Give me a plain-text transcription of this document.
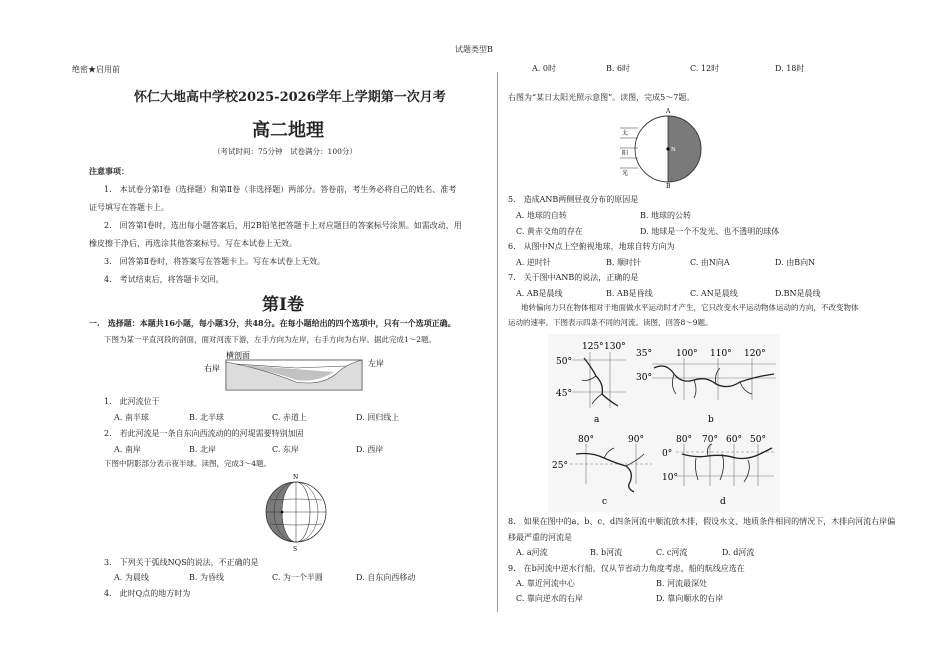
试题类型B
绝密★启用前
怀仁大地高中学校2025-2026学年上学期第一次月考
高二地理
（考试时间：75分钟　试卷满分：100分）
注意事项：
1.　本试卷分第Ⅰ卷（选择题）和第Ⅱ卷（非选择题）两部分。答卷前，考生务必将自己的姓名、准考
证号填写在答题卡上。
2.　回答第Ⅰ卷时，选出每小题答案后，用2B铅笔把答题卡上对应题目的答案标号涂黑。如需改动，用
橡皮擦干净后，再选涂其他答案标号。写在本试卷上无效。
3.　回答第Ⅱ卷时，将答案写在答题卡上。写在本试卷上无效。
4.　考试结束后，将答题卡交回。
第Ⅰ卷
一.　选择题：本题共16小题，每小题3分，共48分。在每小题给出的四个选项中，只有一个选项正确。
下图为某一平直河段的剖面，面对河流下游，左手方向为左岸，右手方向为右岸。据此完成1～2题。
横剖面
右岸
左岸
1.　此河流位于
A. 南半球	B. 北半球	C. 赤道上	D. 回归线上
2.　若此河流是一条自东向西流动的的河堤需要特别加固
A. 南岸	B. 北岸	C. 东岸	D. 西岸
下图中阴影部分表示夜半球。读图，完成3～4题。
N
S
3.　下列关于弧线NQS的说法，不正确的是
A. 为晨线	B. 为昏线	C. 为一个半圆	D. 自东向西移动
4.　此时Q点的地方时为
A. 0时	B. 6时	C. 12时	D. 18时
右图为“某日太阳光照示意图”。读图，完成5～7题。
A
B
N
太
阳
光
5.　造成ANB两侧昼夜分布的原因是
A. 地球的自转	B. 地球的公转
C. 黄赤交角的存在	D. 地球是一个不发光、也不透明的球体
6.　从图中N点上空俯视地球，地球自转方向为
A. 逆时针	B. 顺时针	C. 由N向A	D. 由B向N
7.　关于图中ANB的说法，正确的是
A. AB是晨线	B. AB是昏线	C. AN是晨线	D.BN是晨线
地转偏向力只在物体相对于地面做水平运动时才产生，它只改变水平运动物体运动的方向，不改变物体
运动的速率。下图表示四条不同的河流。读图，回答8～9题。
125° 130°
50°
45°
a
35°
30°
100° 110° 120°
b
80°	90°
25°
c
80° 70° 60° 50°
0°
10°
d
8.　如果在图中的a、b、c、d四条河流中顺流放木排，假设水文、地质条件相同的情况下，木排向河流右岸偏
移最严重的河流是
A. a河流	B. b河流	C. c河流	D. d河流
9.　在b河流中逆水行船，仅从节省动力角度考虑，船的航线应选在
A. 靠近河流中心	B. 河流最深处
C. 靠向逆水的右岸	D. 靠向顺水的右岸
